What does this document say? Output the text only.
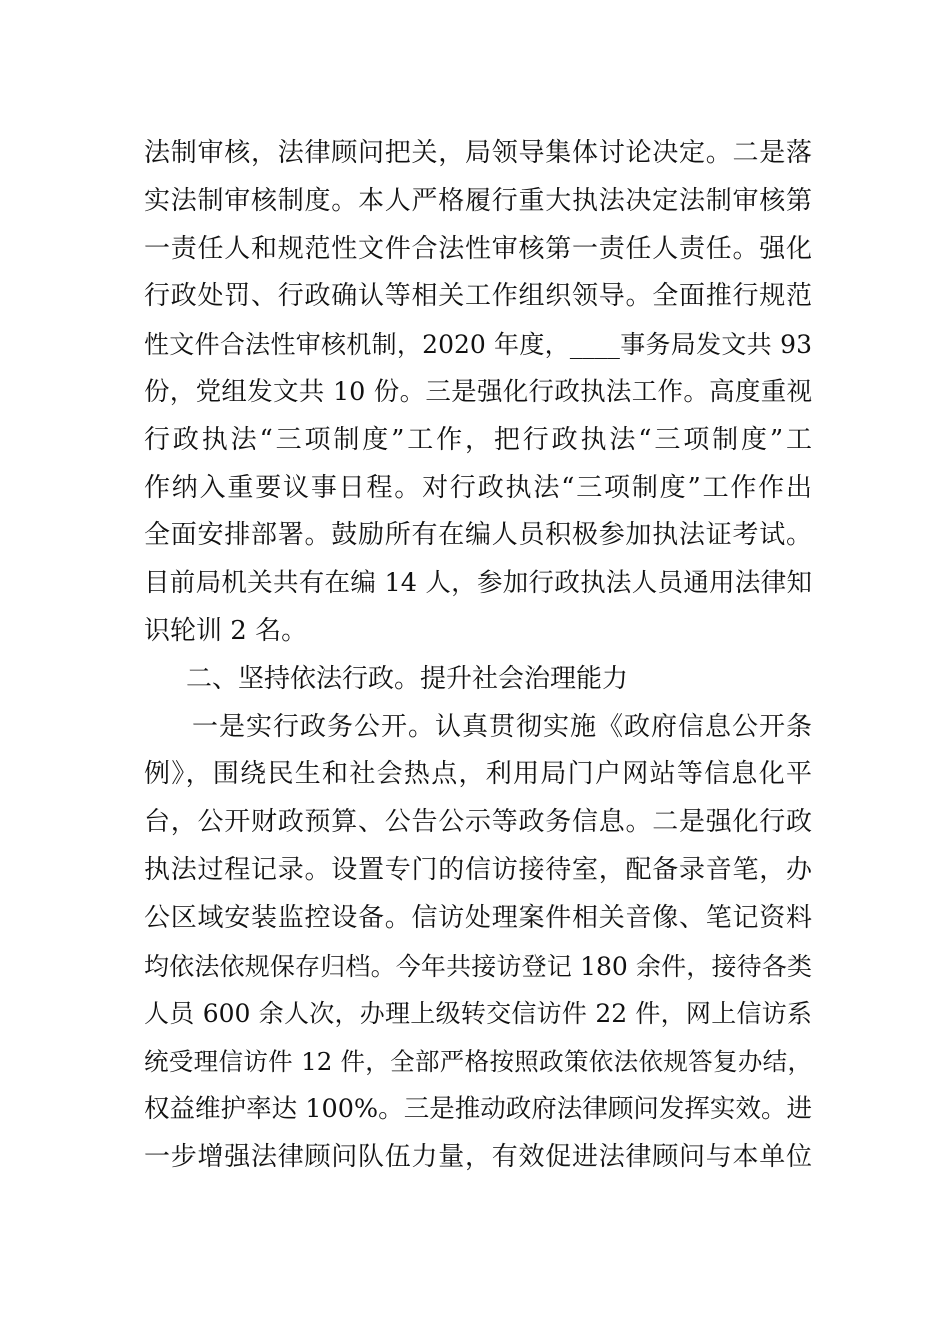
法制审核，法律顾问把关，局领导集体讨论决定。二是落
实法制审核制度。本人严格履行重大执法决定法制审核第
一责任人和规范性文件合法性审核第一责任人责任。强化
行政处罚、行政确认等相关工作组织领导。全面推行规范
性文件合法性审核机制，2020 年度，____事务局发文共 93
份，党组发文共 10 份。三是强化行政执法工作。高度重视
行政执法“三项制度”工作，把行政执法“三项制度”工
作纳入重要议事日程。对行政执法“三项制度”工作作出
全面安排部署。鼓励所有在编人员积极参加执法证考试。
目前局机关共有在编 14 人，参加行政执法人员通用法律知
识轮训 2 名。
二、坚持依法行政。提升社会治理能力
一是实行政务公开。认真贯彻实施《政府信息公开条
例》，围绕民生和社会热点，利用局门户网站等信息化平
台，公开财政预算、公告公示等政务信息。二是强化行政
执法过程记录。设置专门的信访接待室，配备录音笔，办
公区域安装监控设备。信访处理案件相关音像、笔记资料
均依法依规保存归档。今年共接访登记 180 余件，接待各类
人员 600 余人次，办理上级转交信访件 22 件，网上信访系
统受理信访件 12 件，全部严格按照政策依法依规答复办结，
权益维护率达 100%。三是推动政府法律顾问发挥实效。进
一步增强法律顾问队伍力量，有效促进法律顾问与本单位
